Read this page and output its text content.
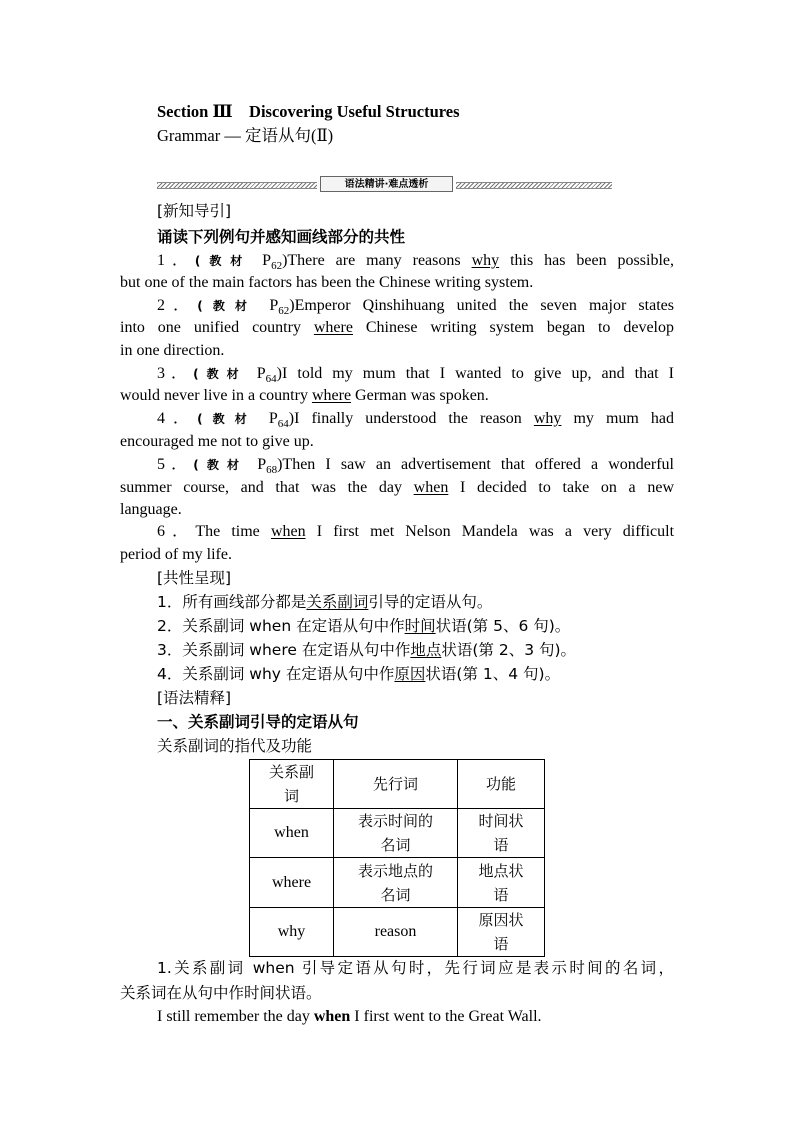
Section Ⅲ　Discovering Useful Structures
Grammar — 定语从句(Ⅱ)
语法精讲·难点透析
[新知导引]
诵读下列例句并感知画线部分的共性
1．(教材 $P_{62})There$ are many reasons why this has been possible,
but one of the main factors has been the Chinese writing system.
2．(教材 $P_{62})Emperor$ Qinshihuang united the seven major states
into one unified country where Chinese writing system began to develop
in one direction.
3．(教材 $P_{64})I$ told my mum that I wanted to give up, and that I
would never live in a country where German was spoken.
4．(教材 $P_{64})I$ finally understood the reason why my mum had
encouraged me not to give up.
5．(教材 $P_{68})Then$ I saw an advertisement that offered a wonderful
summer course, and that was the day when I decided to take on a new
language.
6．The time when I first met Nelson Mandela was a very difficult
period of my life.
[共性呈现]
1．所有画线部分都是关系副词引导的定语从句。
2．关系副词 when 在定语从句中作时间状语(第 5、6 句)。
3．关系副词 where 在定语从句中作地点状语(第 2、3 句)。
4．关系副词 why 在定语从句中作原因状语(第 1、4 句)。
[语法精释]
一、关系副词引导的定语从句
关系副词的指代及功能
关系副
词	先行词	功能
when	表示时间的
名词	时间状
语
where	表示地点的
名词	地点状
语
why	reason	原因状
语
1.关系副词 when 引导定语从句时，先行词应是表示时间的名词，
关系词在从句中作时间状语。
I still remember the day when I first went to the Great Wall.
